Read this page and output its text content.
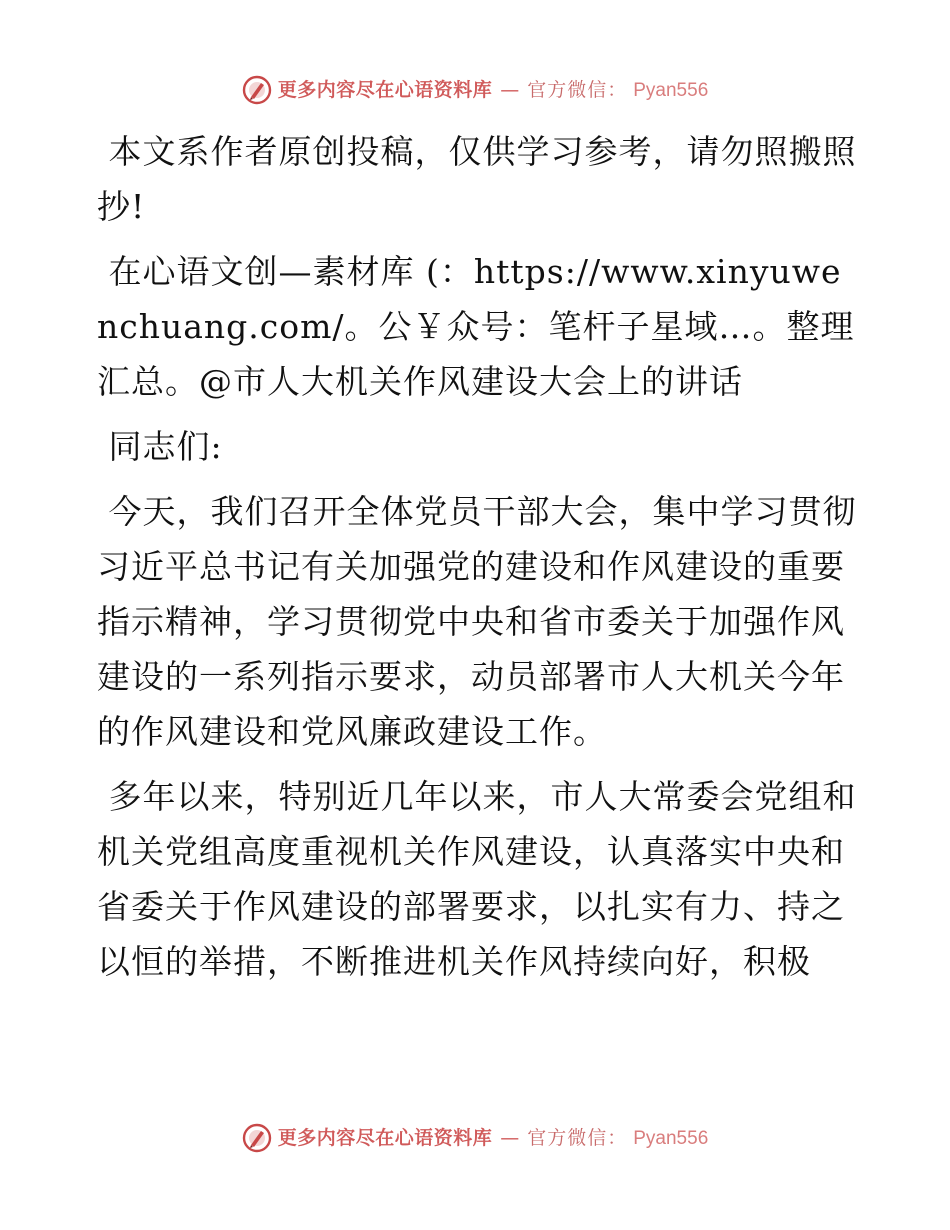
更多内容尽在心语资料库 — 官方微信： Pyan556

本文系作者原创投稿，仅供学习参考，请勿照搬照抄!

在心语文创—素材库 (：https://www.xinyuwenchuang.com/。公￥众号：笔杆子星域…。整理汇总。@市人大机关作风建设大会上的讲话

同志们:

今天，我们召开全体党员干部大会，集中学习贯彻习近平总书记有关加强党的建设和作风建设的重要指示精神，学习贯彻党中央和省市委关于加强作风建设的一系列指示要求，动员部署市人大机关今年的作风建设和党风廉政建设工作。

多年以来，特别近几年以来，市人大常委会党组和机关党组高度重视机关作风建设，认真落实中央和省委关于作风建设的部署要求，以扎实有力、持之以恒的举措，不断推进机关作风持续向好，积极

更多内容尽在心语资料库 — 官方微信： Pyan556
